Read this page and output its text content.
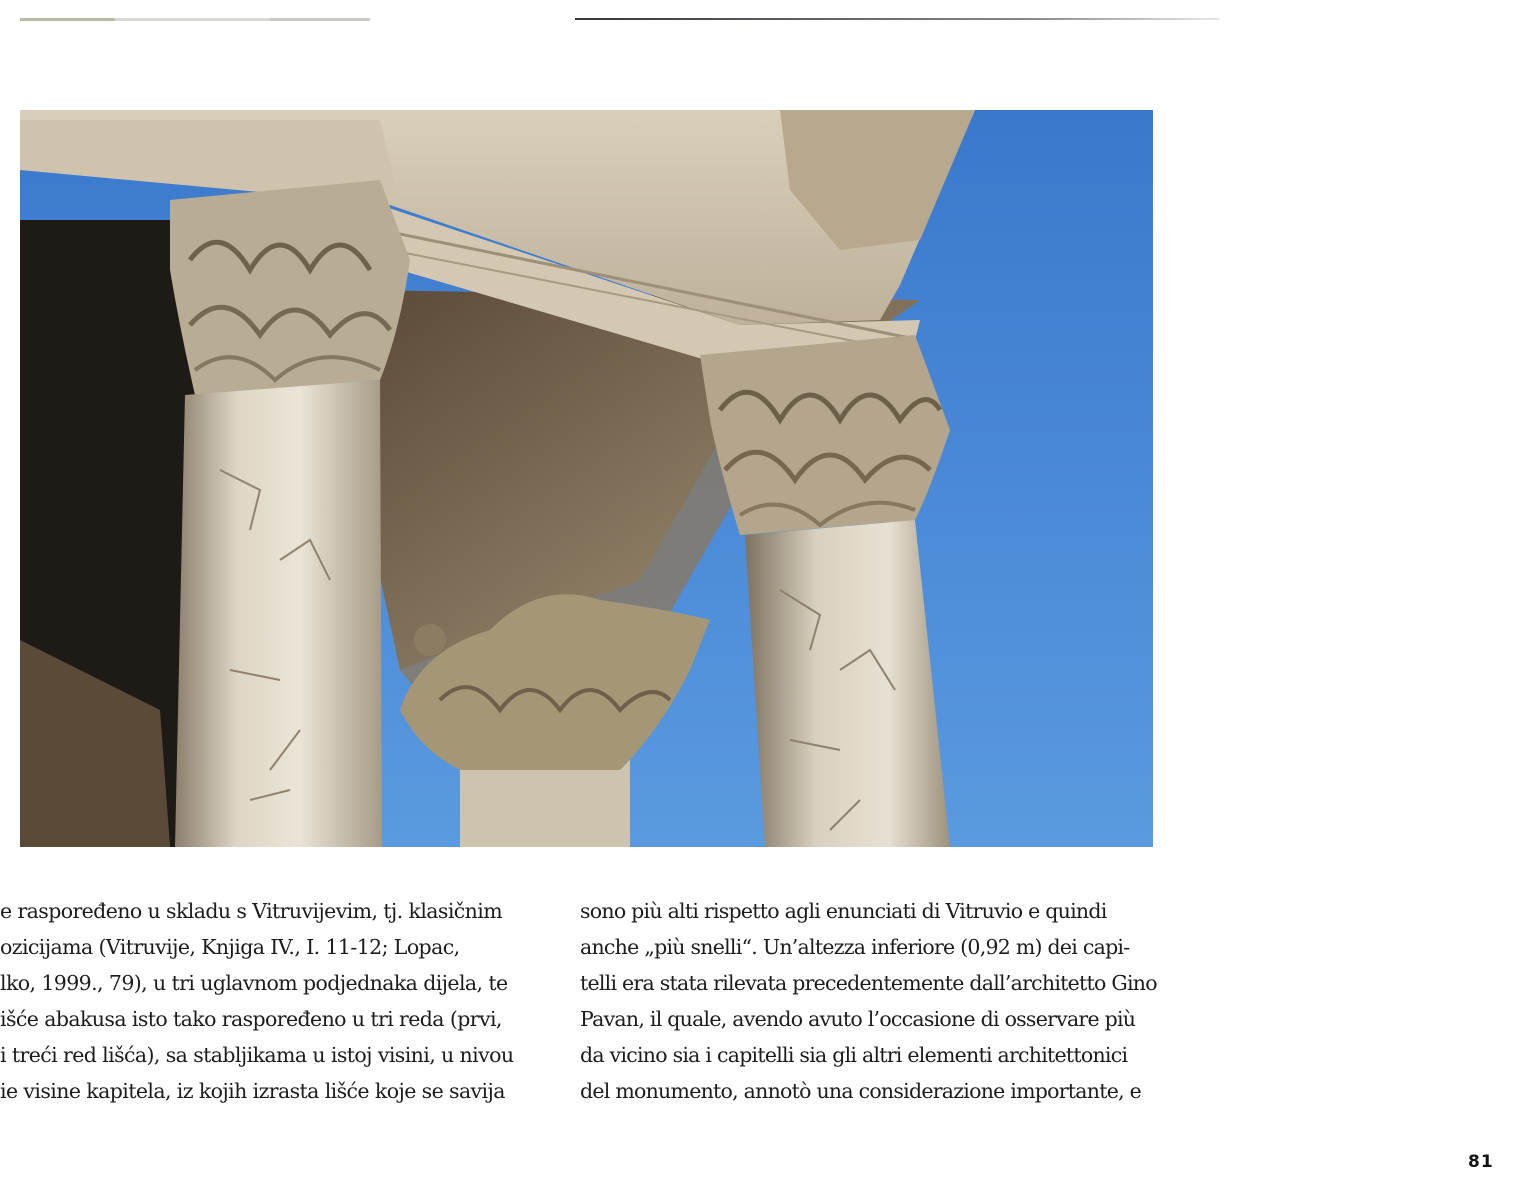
e raspoređeno u skladu s Vitruvijevim, tj. klasičnim
ozicijama (Vitruvije, Knjiga IV., I. 11-12; Lopac,
lko, 1999., 79), u tri uglavnom podjednaka dijela, te
išće abakusa isto tako raspoređeno u tri reda (prvi,
i treći red lišća), sa stabljikama u istoj visini, u nivou
ie visine kapitela, iz kojih izrasta lišće koje se savija
sono più alti rispetto agli enunciati di Vitruvio e quindi
anche „più snelli“. Un’altezza inferiore (0,92 m) dei capi-
telli era stata rilevata precedentemente dall’architetto Gino
Pavan, il quale, avendo avuto l’occasione di osservare più
da vicino sia i capitelli sia gli altri elementi architettonici
del monumento, annotò una considerazione importante, e
81
